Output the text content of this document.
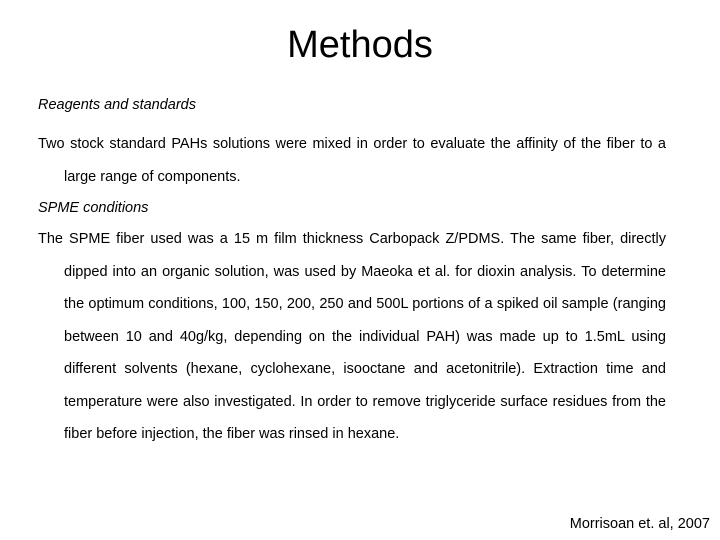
Methods

Reagents and standards

Two stock standard PAHs solutions were mixed in order to evaluate the affinity of the fiber to a large range of components.

SPME conditions

The SPME fiber used was a 15 m film thickness Carbopack Z/PDMS. The same fiber, directly dipped into an organic solution, was used by Maeoka et al. for dioxin analysis. To determine the optimum conditions, 100, 150, 200, 250 and 500L portions of a spiked oil sample (ranging between 10 and 40g/kg, depending on the individual PAH) was made up to 1.5mL using different solvents (hexane, cyclohexane, isooctane and acetonitrile). Extraction time and temperature were also investigated. In order to remove triglyceride surface residues from the fiber before injection, the fiber was rinsed in hexane.

Morrisoan et. al, 2007
